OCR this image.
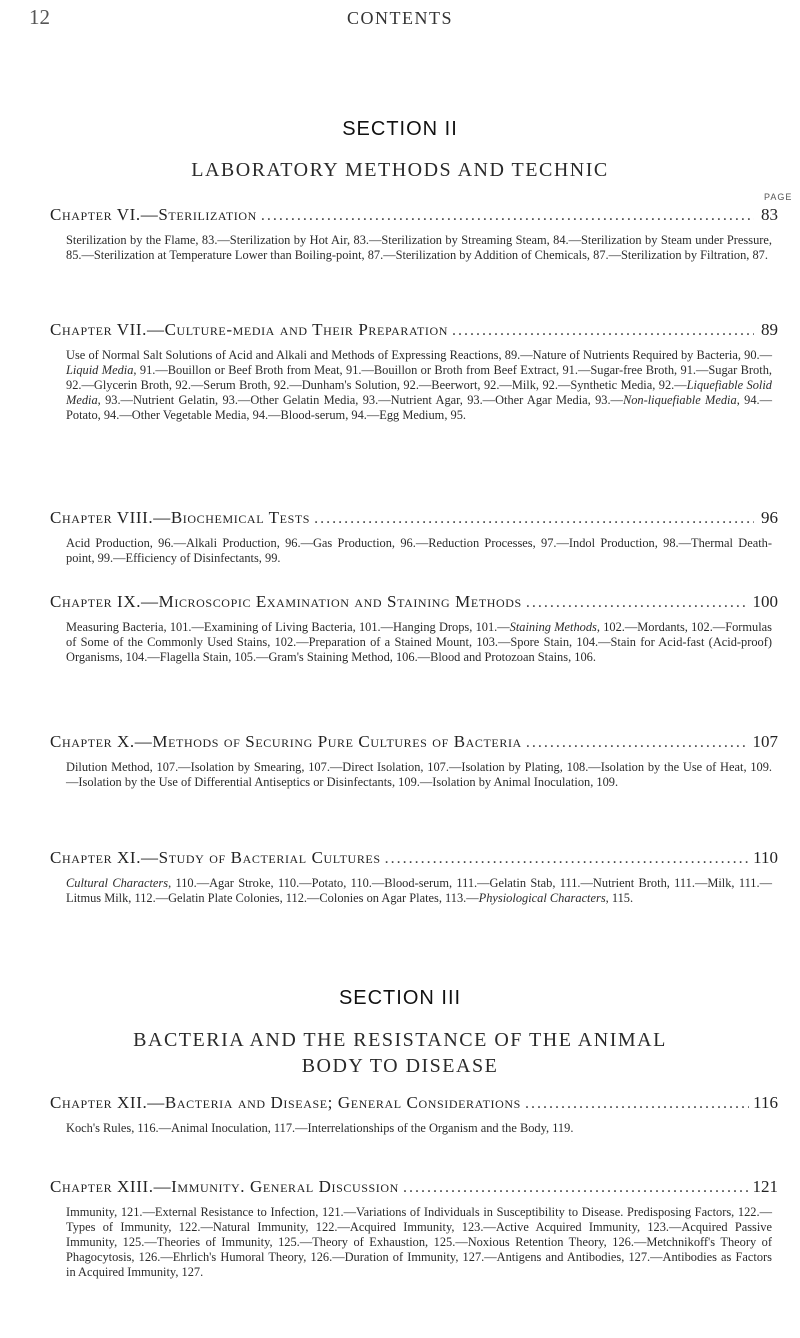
12	CONTENTS
SECTION II
LABORATORY METHODS AND TECHNIC
PAGE
Chapter VI.—Sterilization . . .	83
Sterilization by the Flame, 83.—Sterilization by Hot Air, 83.—Sterilization by Streaming Steam, 84.—Sterilization by Steam under Pressure, 85.—Sterilization at Temperature Lower than Boiling-point, 87.—Sterilization by Addition of Chemicals, 87.—Sterilization by Filtration, 87.
Chapter VII.—Culture-media and Their Preparation . . .	89
Use of Normal Salt Solutions of Acid and Alkali and Methods of Expressing Reactions, 89.—Nature of Nutrients Required by Bacteria, 90.—Liquid Media, 91.—Bouillon or Beef Broth from Meat, 91.—Bouillon or Broth from Beef Extract, 91.—Sugar-free Broth, 91.—Sugar Broth, 92.—Glycerin Broth, 92.—Serum Broth, 92.—Dunham's Solution, 92.—Beerwort, 92.—Milk, 92.—Synthetic Media, 92.—Liquefiable Solid Media, 93.—Nutrient Gelatin, 93.—Other Gelatin Media, 93.—Nutrient Agar, 93.—Other Agar Media, 93.—Non-liquefiable Media, 94.—Potato, 94.—Other Vegetable Media, 94.—Blood-serum, 94.—Egg Medium, 95.
Chapter VIII.—Biochemical Tests . . .	96
Acid Production, 96.—Alkali Production, 96.—Gas Production, 96.—Reduction Processes, 97.—Indol Production, 98.—Thermal Death-point, 99.—Efficiency of Disinfectants, 99.
Chapter IX.—Microscopic Examination and Staining Methods . . .	100
Measuring Bacteria, 101.—Examining of Living Bacteria, 101.—Hanging Drops, 101.—Staining Methods, 102.—Mordants, 102.—Formulas of Some of the Commonly Used Stains, 102.—Preparation of a Stained Mount, 103.—Spore Stain, 104.—Stain for Acid-fast (Acid-proof) Organisms, 104.—Flagella Stain, 105.—Gram's Staining Method, 106.—Blood and Protozoan Stains, 106.
Chapter X.—Methods of Securing Pure Cultures of Bacteria . . .	107
Dilution Method, 107.—Isolation by Smearing, 107.—Direct Isolation, 107.—Isolation by Plating, 108.—Isolation by the Use of Heat, 109.—Isolation by the Use of Differential Antiseptics or Disinfectants, 109.—Isolation by Animal Inoculation, 109.
Chapter XI.—Study of Bacterial Cultures . . .	110
Cultural Characters, 110.—Agar Stroke, 110.—Potato, 110.—Blood-serum, 111.—Gelatin Stab, 111.—Nutrient Broth, 111.—Milk, 111.—Litmus Milk, 112.—Gelatin Plate Colonies, 112.—Colonies on Agar Plates, 113.—Physiological Characters, 115.
SECTION III
BACTERIA AND THE RESISTANCE OF THE ANIMAL BODY TO DISEASE
Chapter XII.—Bacteria and Disease; General Considerations . . .	116
Koch's Rules, 116.—Animal Inoculation, 117.—Interrelationships of the Organism and the Body, 119.
Chapter XIII.—Immunity. General Discussion . . .	121
Immunity, 121.—External Resistance to Infection, 121.—Variations of Individuals in Susceptibility to Disease. Predisposing Factors, 122.—Types of Immunity, 122.—Natural Immunity, 122.—Acquired Immunity, 123.—Active Acquired Immunity, 123.—Acquired Passive Immunity, 125.—Theories of Immunity, 125.—Theory of Exhaustion, 125.—Noxious Retention Theory, 126.—Metchnikoff's Theory of Phagocytosis, 126.—Ehrlich's Humoral Theory, 126.—Duration of Immunity, 127.—Antigens and Antibodies, 127.—Antibodies as Factors in Acquired Immunity, 127.
